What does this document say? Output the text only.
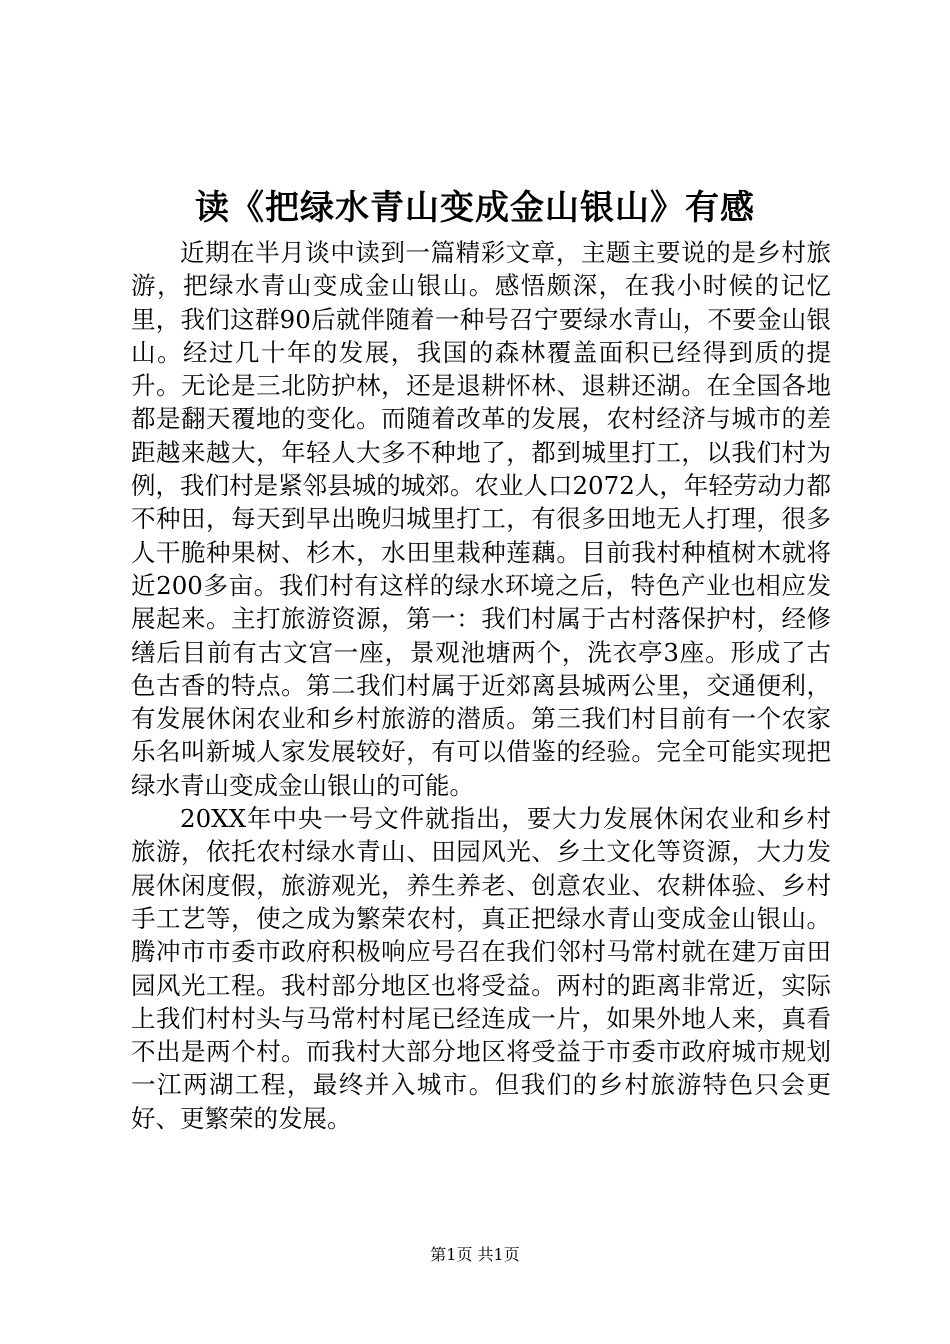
读《把绿水青山变成金山银山》有感

近期在半月谈中读到一篇精彩文章，主题主要说的是乡村旅游，把绿水青山变成金山银山。感悟颇深，在我小时候的记忆里，我们这群90后就伴随着一种号召宁要绿水青山，不要金山银山。经过几十年的发展，我国的森林覆盖面积已经得到质的提升。无论是三北防护林，还是退耕怀林、退耕还湖。在全国各地都是翻天覆地的变化。而随着改革的发展，农村经济与城市的差距越来越大，年轻人大多不种地了，都到城里打工，以我们村为例，我们村是紧邻县城的城郊。农业人口2072人，年轻劳动力都不种田，每天到早出晚归城里打工，有很多田地无人打理，很多人干脆种果树、杉木，水田里栽种莲藕。目前我村种植树木就将近200多亩。我们村有这样的绿水环境之后，特色产业也相应发展起来。主打旅游资源，第一：我们村属于古村落保护村，经修缮后目前有古文宫一座，景观池塘两个，洗衣亭3座。形成了古色古香的特点。第二我们村属于近郊离县城两公里，交通便利，有发展休闲农业和乡村旅游的潜质。第三我们村目前有一个农家乐名叫新城人家发展较好，有可以借鉴的经验。完全可能实现把绿水青山变成金山银山的可能。

20XX年中央一号文件就指出，要大力发展休闲农业和乡村旅游，依托农村绿水青山、田园风光、乡土文化等资源，大力发展休闲度假，旅游观光，养生养老、创意农业、农耕体验、乡村手工艺等，使之成为繁荣农村，真正把绿水青山变成金山银山。腾冲市市委市政府积极响应号召在我们邻村马常村就在建万亩田园风光工程。我村部分地区也将受益。两村的距离非常近，实际上我们村村头与马常村村尾已经连成一片，如果外地人来，真看不出是两个村。而我村大部分地区将受益于市委市政府城市规划一江两湖工程，最终并入城市。但我们的乡村旅游特色只会更好、更繁荣的发展。

第1页 共1页
